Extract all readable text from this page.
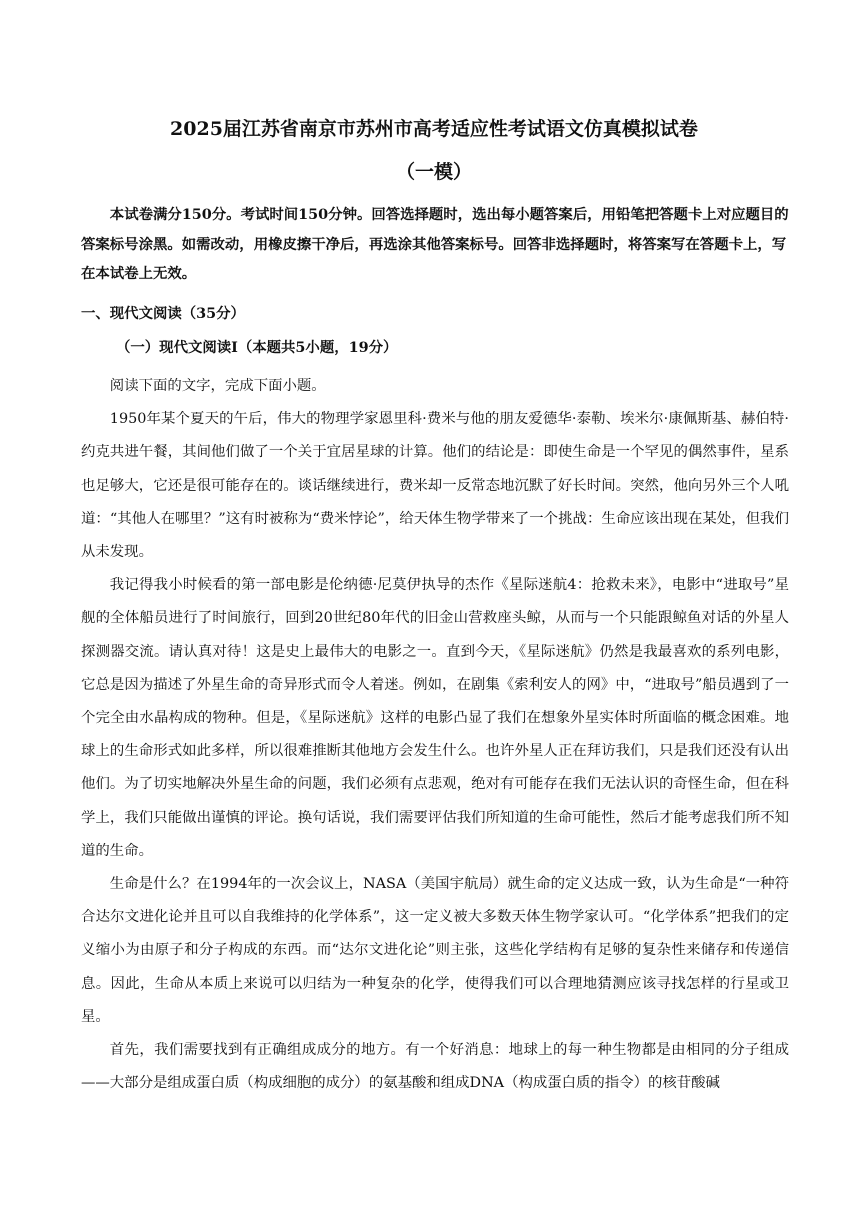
2025届江苏省南京市苏州市高考适应性考试语文仿真模拟试卷
（一模）
本试卷满分150分。考试时间150分钟。回答选择题时，选出每小题答案后，用铅笔把答题卡上对应题目的答案标号涂黑。如需改动，用橡皮擦干净后，再选涂其他答案标号。回答非选择题时，将答案写在答题卡上，写在本试卷上无效。
一、现代文阅读（35分）
（一）现代文阅读Ⅰ（本题共5小题，19分）

阅读下面的文字，完成下面小题。

1950年某个夏天的午后，伟大的物理学家恩里科·费米与他的朋友爱德华·泰勒、埃米尔·康佩斯基、赫伯特·约克共进午餐，其间他们做了一个关于宜居星球的计算。他们的结论是：即使生命是一个罕见的偶然事件，星系也足够大，它还是很可能存在的。谈话继续进行，费米却一反常态地沉默了好长时间。突然，他向另外三个人吼道：“其他人在哪里？”这有时被称为“费米悖论”，给天体生物学带来了一个挑战：生命应该出现在某处，但我们从未发现。

我记得我小时候看的第一部电影是伦纳德·尼莫伊执导的杰作《星际迷航4：抢救未来》，电影中“进取号”星舰的全体船员进行了时间旅行，回到20世纪80年代的旧金山营救座头鲸，从而与一个只能跟鲸鱼对话的外星人探测器交流。请认真对待！这是史上最伟大的电影之一。直到今天，《星际迷航》仍然是我最喜欢的系列电影，它总是因为描述了外星生命的奇异形式而令人着迷。例如，在剧集《索利安人的网》中，“进取号”船员遇到了一个完全由水晶构成的物种。但是，《星际迷航》这样的电影凸显了我们在想象外星实体时所面临的概念困难。地球上的生命形式如此多样，所以很难推断其他地方会发生什么。也许外星人正在拜访我们，只是我们还没有认出他们。为了切实地解决外星生命的问题，我们必须有点悲观，绝对有可能存在我们无法认识的奇怪生命，但在科学上，我们只能做出谨慎的评论。换句话说，我们需要评估我们所知道的生命可能性，然后才能考虑我们所不知道的生命。

生命是什么？在1994年的一次会议上，NASA（美国宇航局）就生命的定义达成一致，认为生命是“一种符合达尔文进化论并且可以自我维持的化学体系”，这一定义被大多数天体生物学家认可。“化学体系”把我们的定义缩小为由原子和分子构成的东西。而“达尔文进化论”则主张，这些化学结构有足够的复杂性来储存和传递信息。因此，生命从本质上来说可以归结为一种复杂的化学，使得我们可以合理地猜测应该寻找怎样的行星或卫星。

首先，我们需要找到有正确组成成分的地方。有一个好消息：地球上的每一种生物都是由相同的分子组成——大部分是组成蛋白质（构成细胞的成分）的氨基酸和组成DNA（构成蛋白质的指令）的核苷酸碱
